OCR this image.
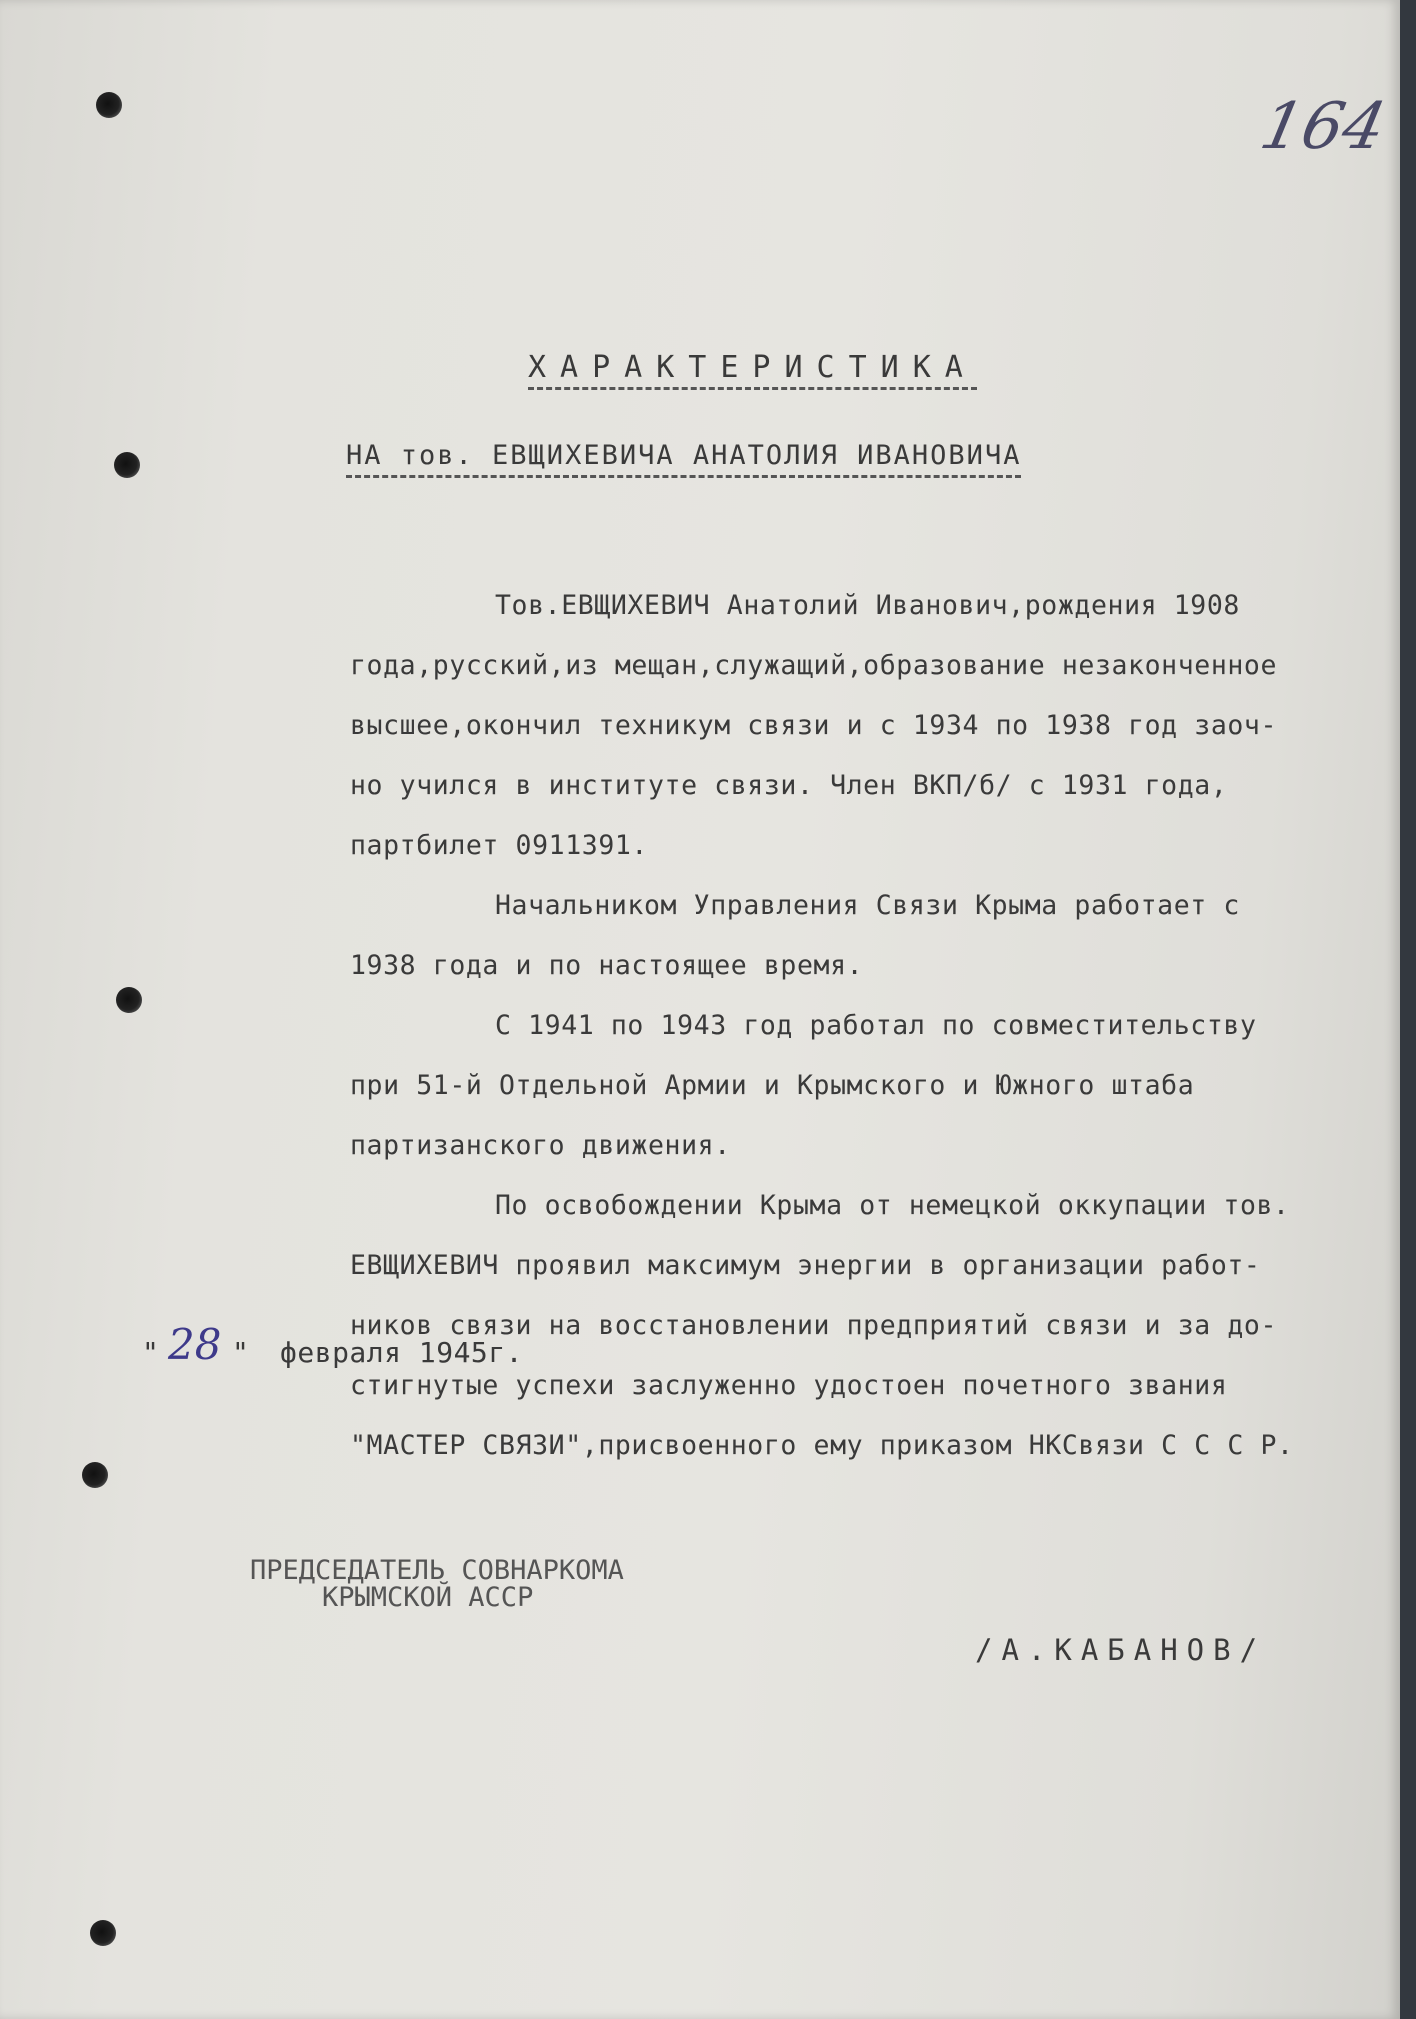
164
ХАРАКТЕРИСТИКА
НА тов. ЕВЩИХЕВИЧА АНАТОЛИЯ ИВАНОВИЧА
Тов.ЕВЩИХЕВИЧ Анатолий Иванович,рождения 1908
года,русский,из мещан,служащий,образование незаконченное
высшее,окончил техникум связи и с 1934 по 1938 год заоч-
но учился в институте связи. Член ВКП/б/ с 1931 года,
партбилет 0911391.
Начальником Управления Связи Крыма работает с
1938 года и по настоящее время.
С 1941 по 1943 год работал по совместительству
при 51-й Отдельной Армии и Крымского и Южного штаба
партизанского движения.
По освобождении Крыма от немецкой оккупации тов.
ЕВЩИХЕВИЧ проявил максимум энергии в организации работ-
ников связи на восстановлении предприятий связи и за до-
стигнутые успехи заслуженно удостоен почетного звания
"МАСТЕР СВЯЗИ",присвоенного ему приказом НКСвязи С С С Р.
ПРЕДСЕДАТЕЛЬ СОВНАРКОМА
КРЫМСКОЙ АССР
/А.КАБАНОВ/
" 28 " февраля 1945г.
